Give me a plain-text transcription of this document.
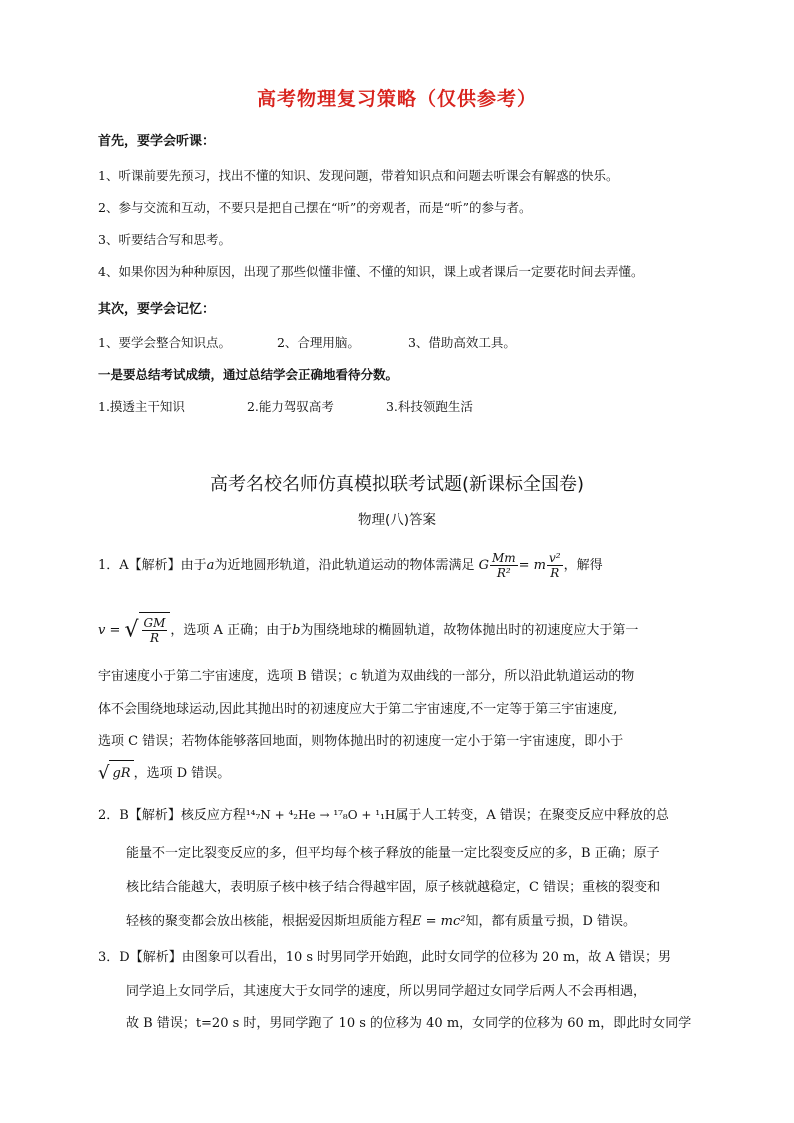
高考物理复习策略（仅供参考）
首先，要学会听课：
1、听课前要先预习，找出不懂的知识、发现问题，带着知识点和问题去听课会有解惑的快乐。
2、参与交流和互动，不要只是把自己摆在“听”的旁观者，而是“听”的参与者。
3、听要结合写和思考。
4、如果你因为种种原因，出现了那些似懂非懂、不懂的知识，课上或者课后一定要花时间去弄懂。
其次，要学会记忆：
1、要学会整合知识点。	2、合理用脑。	3、借助高效工具。
一是要总结考试成绩，通过总结学会正确地看待分数。
1.摸透主干知识	2.能力驾驭高考	3.科技领跑生活
高考名校名师仿真模拟联考试题(新课标全国卷)
物理(八)答案
1．A【解析】由于a为近地圆形轨道，沿此轨道运动的物体需满足 G $\frac{Mm}{\text{R²}} = m \frac{\text{v²}}{R}$ ，解得
v = √ $\frac{GM}{R}$ ，选项 A 正确；由于b为围绕地球的椭圆轨道，故物体抛出时的初速度应大于第一
宇宙速度小于第二宇宙速度，选项 B 错误；c 轨道为双曲线的一部分，所以沿此轨道运动的物
体不会围绕地球运动,因此其抛出时的初速度应大于第二宇宙速度,不一定等于第三宇宙速度,
选项 C 错误；若物体能够落回地面，则物体抛出时的初速度一定小于第一宇宙速度，即小于
√ gR ，选项 D 错误。
2．B【解析】核反应方程¹⁴₇N + ⁴₂He → ¹⁷₈O + ¹₁H属于人工转变，A 错误；在聚变反应中释放的总
能量不一定比裂变反应的多，但平均每个核子释放的能量一定比裂变反应的多，B 正确；原子
核比结合能越大，表明原子核中核子结合得越牢固，原子核就越稳定，C 错误；重核的裂变和
轻核的聚变都会放出核能，根据爱因斯坦质能方程E = mc²知，都有质量亏损，D 错误。
3．D【解析】由图象可以看出，10 s 时男同学开始跑，此时女同学的位移为 20 m，故 A 错误；男
同学追上女同学后，其速度大于女同学的速度，所以男同学超过女同学后两人不会再相遇，
故 B 错误；t=20 s 时，男同学跑了 10 s 的位移为 40 m，女同学的位移为 60 m，即此时女同学
